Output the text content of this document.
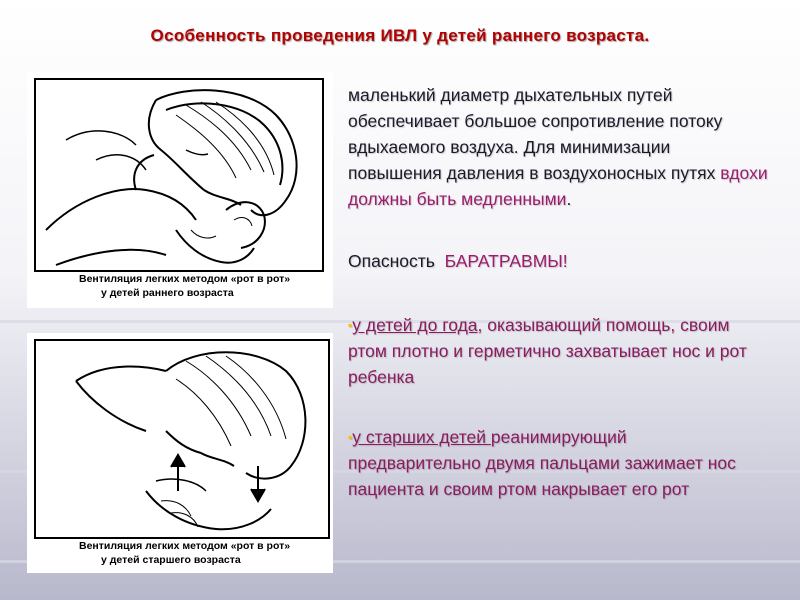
Особенность проведения ИВЛ у детей раннего возраста.
Вентиляция легких методом «рот в рот»
у детей раннего возраста
Вентиляция легких методом «рот в рот»
у детей старшего возраста
маленький диаметр дыхательных путей обеспечивает большое сопротивление потоку вдыхаемого воздуха. Для минимизации повышения давления в воздухоносных путях вдохи должны быть медленными.
Опасность БАРАТРАВМЫ!
▪у детей до года, оказывающий помощь, своим ртом плотно и герметично захватывает нос и рот ребенка
▪у старших детей реанимирующий предварительно двумя пальцами зажимает нос пациента и своим ртом накрывает его рот
